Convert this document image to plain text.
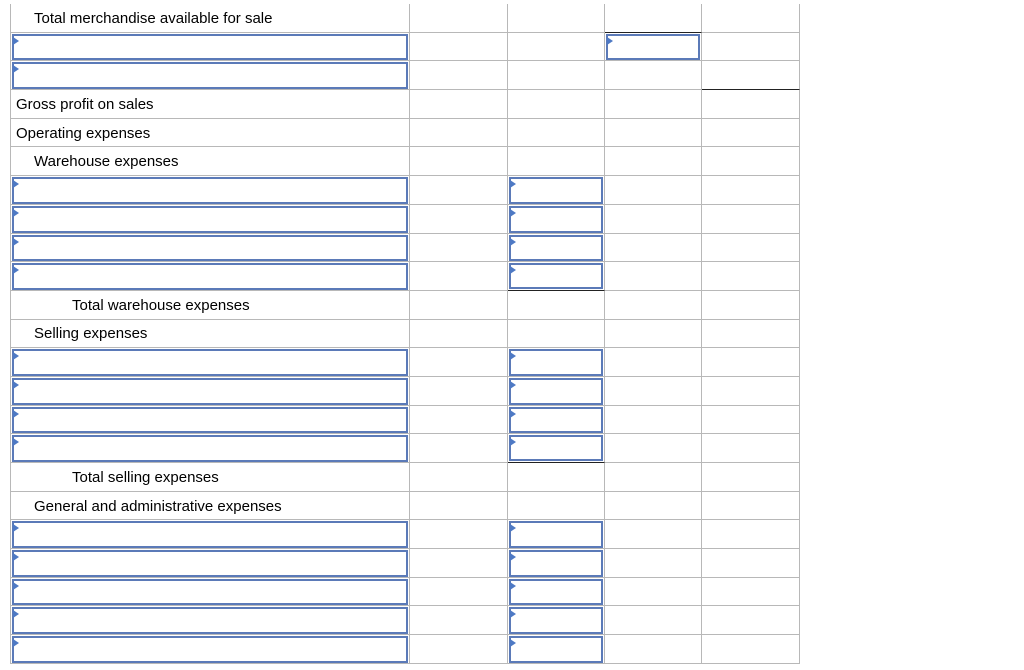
Total merchandise available for sale
Gross profit on sales
Operating expenses
Warehouse expenses
Total warehouse expenses
Selling expenses
Total selling expenses
General and administrative expenses
